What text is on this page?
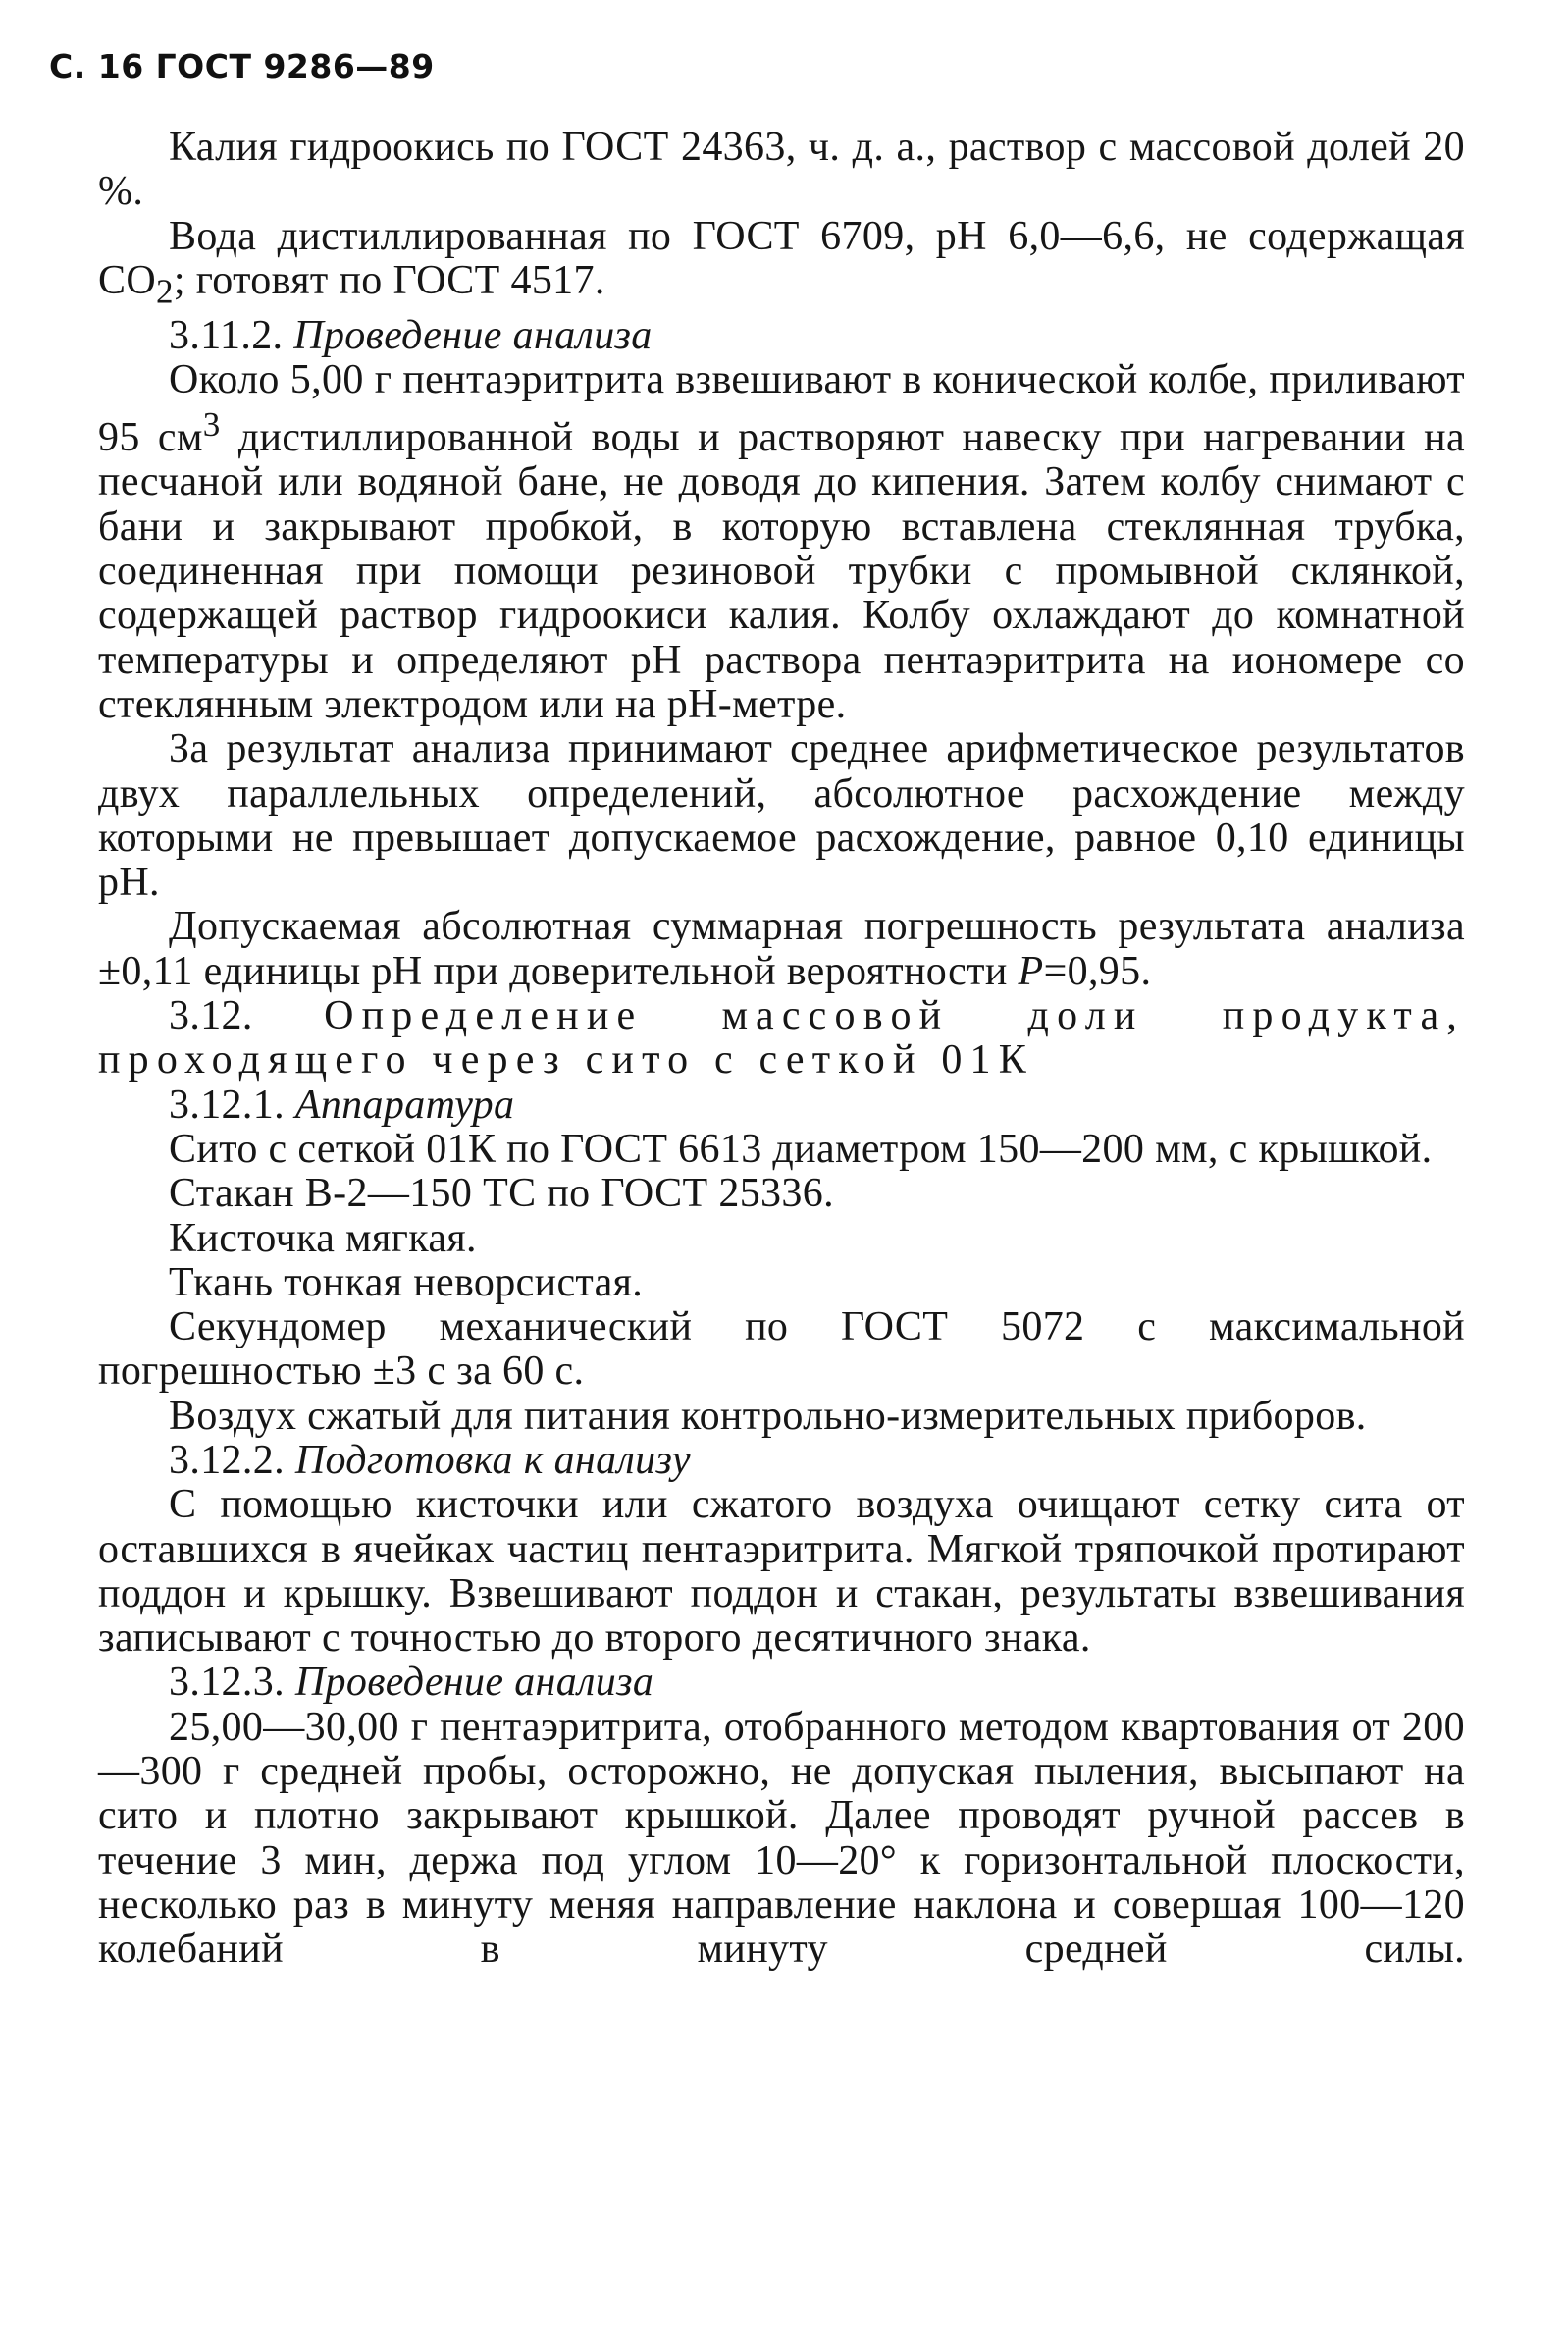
С. 16 ГОСТ 9286—89

Калия гидроокись по ГОСТ 24363, ч. д. а., раствор с массовой долей 20 %.

Вода дистиллированная по ГОСТ 6709, pH 6,0—6,6, не содержащая $CO_2$; готовят по ГОСТ 4517.

3.11.2. Проведение анализа

Около 5,00 г пентаэритрита взвешивают в конической колбе, приливают 95 $см^3$ дистиллированной воды и растворяют навеску при нагревании на песчаной или водяной бане, не доводя до кипения. Затем колбу снимают с бани и закрывают пробкой, в которую вставлена стеклянная трубка, соединенная при помощи резиновой трубки с промывной склянкой, содержащей раствор гидроокиси калия. Колбу охлаждают до комнатной температуры и определяют pH раствора пентаэритрита на иономере со стеклянным электродом или на pH-метре.

За результат анализа принимают среднее арифметическое результатов двух параллельных определений, абсолютное расхождение между которыми не превышает допускаемое расхождение, равное 0,10 единицы pH.

Допускаемая абсолютная суммарная погрешность результата анализа ±0,11 единицы pH при доверительной вероятности P=0,95.

3.12. Определение массовой доли продукта, проходящего через сито с сеткой 01К

3.12.1. Аппаратура

Сито с сеткой 01К по ГОСТ 6613 диаметром 150—200 мм, с крышкой.

Стакан В-2—150 ТС по ГОСТ 25336.

Кисточка мягкая.

Ткань тонкая неворсистая.

Секундомер механический по ГОСТ 5072 с максимальной погрешностью ±3 с за 60 с.

Воздух сжатый для питания контрольно-измерительных приборов.

3.12.2. Подготовка к анализу

С помощью кисточки или сжатого воздуха очищают сетку сита от оставшихся в ячейках частиц пентаэритрита. Мягкой тряпочкой протирают поддон и крышку. Взвешивают поддон и стакан, результаты взвешивания записывают с точностью до второго десятичного знака.

3.12.3. Проведение анализа

25,00—30,00 г пентаэритрита, отобранного методом квартования от 200—300 г средней пробы, осторожно, не допуская пыления, высыпают на сито и плотно закрывают крышкой. Далее проводят ручной рассев в течение 3 мин, держа под углом 10—20° к горизонтальной плоскости, несколько раз в минуту меняя направление наклона и совершая 100—120 колебаний в минуту средней силы.
